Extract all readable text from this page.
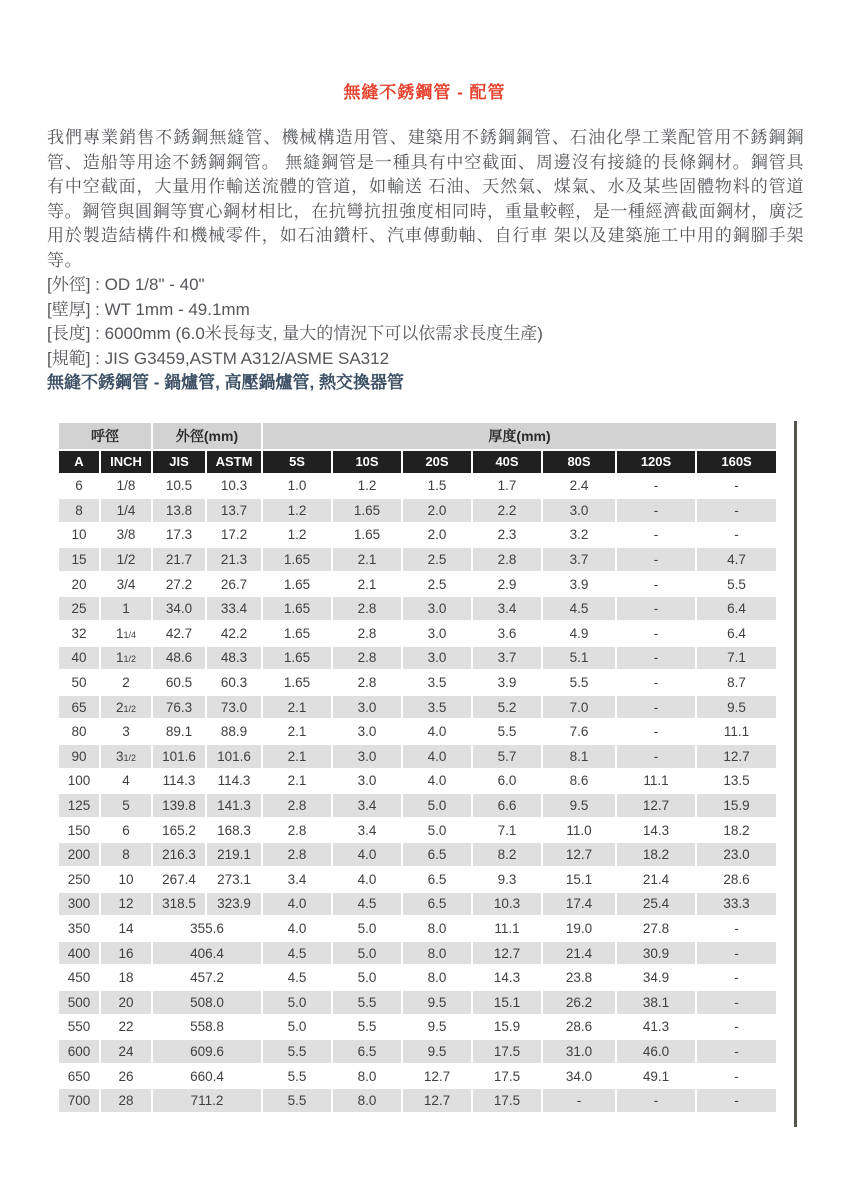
無縫不銹鋼管 - 配管

我們專業銷售不銹鋼無縫管、機械構造用管、建築用不銹鋼鋼管、石油化學工業配管用不銹鋼鋼管、造船等用途不銹鋼鋼管。 無縫鋼管是一種具有中空截面、周邊沒有接縫的長條鋼材。鋼管具有中空截面，大量用作輸送流體的管道，如輸送 石油、天然氣、煤氣、水及某些固體物料的管道等。鋼管與圓鋼等實心鋼材相比，在抗彎抗扭強度相同時，重量較輕，是一種經濟截面鋼材，廣泛用於製造結構件和機械零件，如石油鑽杆、汽車傳動軸、自行車 架以及建築施工中用的鋼腳手架等。

[外徑] : OD 1/8" - 40"
[壁厚] : WT 1mm - 49.1mm
[長度] : 6000mm (6.0米長每支, 量大的情況下可以依需求長度生產)
[規範] : JIS G3459,ASTM A312/ASME SA312
無縫不銹鋼管 - 鍋爐管, 高壓鍋爐管, 熱交換器管
呼徑		外徑(mm)		厚度(mm)						
A	INCH	JIS	ASTM	5S	10S	20S	40S	80S	120S	160S
6	1/8	10.5	10.3	1.0	1.2	1.5	1.7	2.4	-	-
8	1/4	13.8	13.7	1.2	1.65	2.0	2.2	3.0	-	-
10	3/8	17.3	17.2	1.2	1.65	2.0	2.3	3.2	-	-
15	1/2	21.7	21.3	1.65	2.1	2.5	2.8	3.7	-	4.7
20	3/4	27.2	26.7	1.65	2.1	2.5	2.9	3.9	-	5.5
25	1	34.0	33.4	1.65	2.8	3.0	3.4	4.5	-	6.4
32	11/4	42.7	42.2	1.65	2.8	3.0	3.6	4.9	-	6.4
40	11/2	48.6	48.3	1.65	2.8	3.0	3.7	5.1	-	7.1
50	2	60.5	60.3	1.65	2.8	3.5	3.9	5.5	-	8.7
65	21/2	76.3	73.0	2.1	3.0	3.5	5.2	7.0	-	9.5
80	3	89.1	88.9	2.1	3.0	4.0	5.5	7.6	-	11.1
90	31/2	101.6	101.6	2.1	3.0	4.0	5.7	8.1	-	12.7
100	4	114.3	114.3	2.1	3.0	4.0	6.0	8.6	11.1	13.5
125	5	139.8	141.3	2.8	3.4	5.0	6.6	9.5	12.7	15.9
150	6	165.2	168.3	2.8	3.4	5.0	7.1	11.0	14.3	18.2
200	8	216.3	219.1	2.8	4.0	6.5	8.2	12.7	18.2	23.0
250	10	267.4	273.1	3.4	4.0	6.5	9.3	15.1	21.4	28.6
300	12	318.5	323.9	4.0	4.5	6.5	10.3	17.4	25.4	33.3
350	14	355.6		4.0	5.0	8.0	11.1	19.0	27.8	-
400	16	406.4		4.5	5.0	8.0	12.7	21.4	30.9	-
450	18	457.2		4.5	5.0	8.0	14.3	23.8	34.9	-
500	20	508.0		5.0	5.5	9.5	15.1	26.2	38.1	-
550	22	558.8		5.0	5.5	9.5	15.9	28.6	41.3	-
600	24	609.6		5.5	6.5	9.5	17.5	31.0	46.0	-
650	26	660.4		5.5	8.0	12.7	17.5	34.0	49.1	-
700	28	711.2		5.5	8.0	12.7	17.5	-	-	-
